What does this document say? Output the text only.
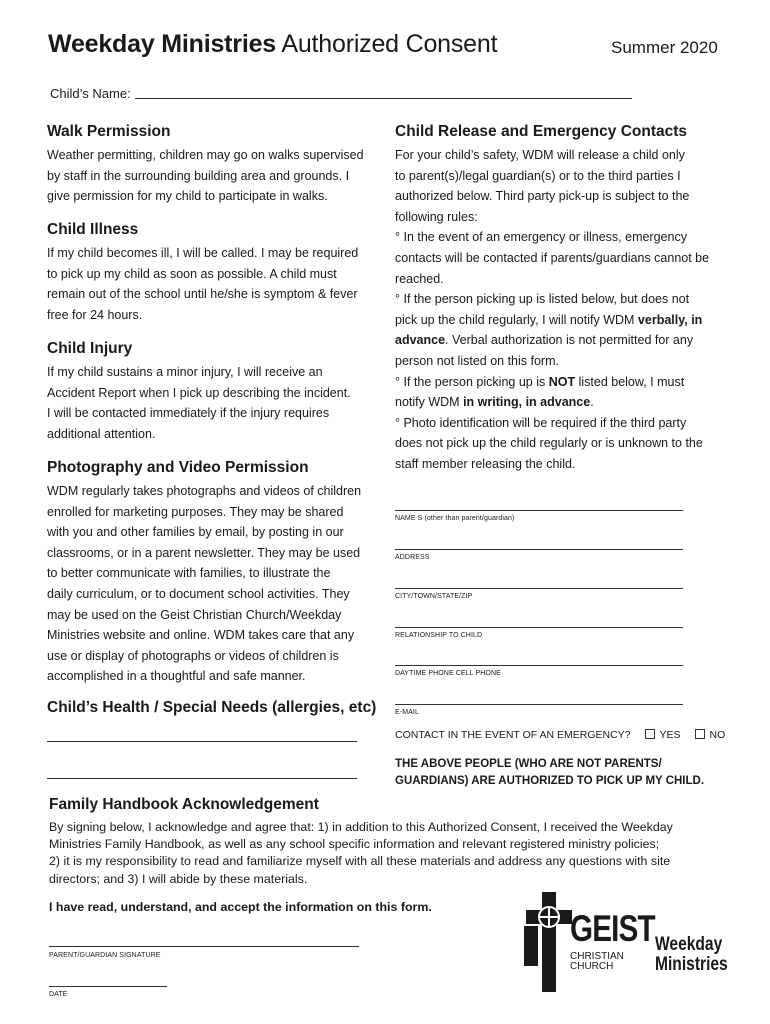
Weekday Ministries Authorized Consent	Summer 2020
Child’s Name:
Walk Permission
Weather permitting, children may go on walks supervised
by staff in the surrounding building area and grounds. I
give permission for my child to participate in walks.
Child Illness
If my child becomes ill, I will be called. I may be required
to pick up my child as soon as possible. A child must
remain out of the school until he/she is symptom & fever
free for 24 hours.
Child Injury
If my child sustains a minor injury, I will receive an
Accident Report when I pick up describing the incident.
I will be contacted immediately if the injury requires
additional attention.
Photography and Video Permission
WDM regularly takes photographs and videos of children
enrolled for marketing purposes. They may be shared
with you and other families by email, by posting in our
classrooms, or in a parent newsletter. They may be used
to better communicate with families, to illustrate the
daily curriculum, or to document school activities. They
may be used on the Geist Christian Church/Weekday
Ministries website and online. WDM takes care that any
use or display of photographs or videos of children is
accomplished in a thoughtful and safe manner.
Child’s Health / Special Needs (allergies, etc)
Child Release and Emergency Contacts
For your child’s safety, WDM will release a child only
to parent(s)/legal guardian(s) or to the third parties I
authorized below. Third party pick-up is subject to the
following rules:
° In the event of an emergency or illness, emergency
contacts will be contacted if parents/guardians cannot be
reached.
° If the person picking up is listed below, but does not
pick up the child regularly, I will notify WDM verbally, in
advance. Verbal authorization is not permitted for any
person not listed on this form.
° If the person picking up is NOT listed below, I must
notify WDM in writing, in advance.
° Photo identification will be required if the third party
does not pick up the child regularly or is unknown to the
staff member releasing the child.
NAME S (other than parent/guardian)
ADDRESS
CITY/TOWN/STATE/ZIP
RELATIONSHIP TO CHILD
DAYTIME PHONE CELL PHONE
E-MAIL
CONTACT IN THE EVENT OF AN EMERGENCY?	YES	NO
THE ABOVE PEOPLE (WHO ARE NOT PARENTS/
GUARDIANS) ARE AUTHORIZED TO PICK UP MY CHILD.
Family Handbook Acknowledgement
By signing below, I acknowledge and agree that: 1) in addition to this Authorized Consent, I received the Weekday
Ministries Family Handbook, as well as any school specific information and relevant registered ministry policies;
2) it is my responsibility to read and familiarize myself with all these materials and address any questions with site
directors; and 3) I will abide by these materials.
I have read, understand, and accept the information on this form.
PARENT/GUARDIAN SIGNATURE
DATE
GEIST
CHRISTIAN
CHURCH
Weekday
Ministries
